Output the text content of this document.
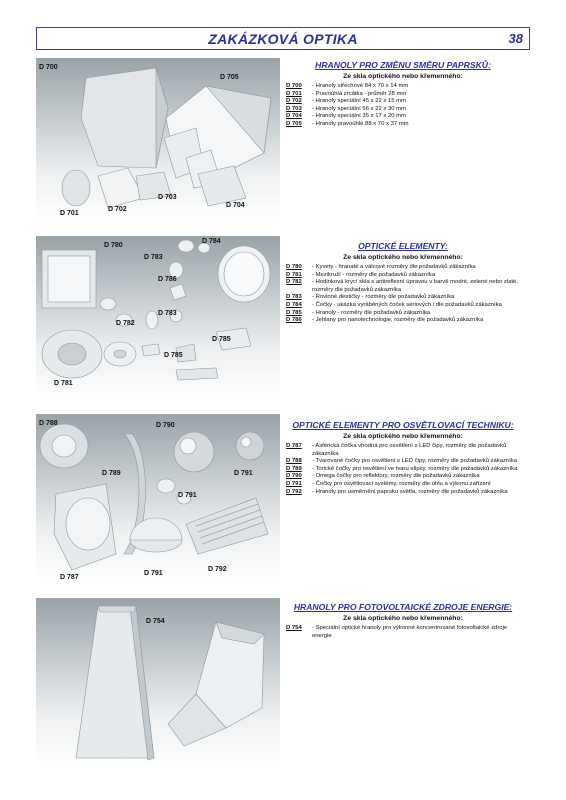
ZAKÁZKOVÁ OPTIKA	38
D 700
D 705
D 703
D 704
D 701
D 702
HRANOLY PRO ZMĚNU SMĚRU PAPRSKŮ:
Ze skla optického nebo křemenného:
D 700	- Hranoly střechové 84 x 70 x 14 mm
D 701	- Pravoúhlá zrcátka - průměr 28 mm
D 702	- Hranoly speciální 45 x 22 x 15 mm
D 703	- Hranoly speciální 56 x 22 x 30 mm
D 704	- Hranoly speciální 35 x 17 x 20 mm
D 705	- Hranoly pravoúhlé 88 x 70 x 37 mm
D 780
D 784
D 783
D 786
D 782
D 783
D 785
D 785
D 781
OPTICKÉ ELEMENTY:
Ze skla optického nebo křemenného:
D 780	- Kyvety - hranaté a válcové rozměry dle požadavků zákazníka
D 781	- Mezikruží - rozměry dle požadavků zákazníka
D 782	- Hodinková krycí skla s antireflexní úpravou v barvě modré, zelené nebo zlaté, rozměry dle požadavků zákazníka
D 783	- Rovinné destičky - rozměry dle požadavků zákazníka
D 784	- Čočky - ukázka vyráběných čoček sériových i dle požadavků zákazníka
D 785	- Hranoly - rozměry dle požadavků zákazníka
D 786	- Jehlany pro nanotechnologie, rozměry dle požadavků zákazníka
D 788	D 790
D 789	D 791
D 791
D 791
D 792
D 787
OPTICKÉ ELEMENTY PRO OSVĚTLOVACÍ TECHNIKU:
Ze skla optického nebo křemenného:
D 787	- Asférická čočka vhodná pro osvětlení s LED čipy, rozměry dle požadavků zákazníka
D 788	- Tvarované čočky pro osvětlení s LED čipy, rozměry dle požadavků zákazníka
D 789	- Torické čočky pro osvětlení ve tvaru elipsy, rozměry dle požadavků zákazníka
D 790	- Omega čočky pro reflektory, rozměry dle požadavků zákazníka
D 791	- Čočky pro osvětlovací systémy, rozměry dle úhlu a výkonu zařízení
D 792	- Hranoly pro usměrnění paprsku světla, rozměry dle požadavků zákazníka
D 754
HRANOLY PRO FOTOVOLTAICKÉ ZDROJE ENERGIE:
Ze skla optického nebo křemenného:
D 754	- Speciální optické hranoly pro výkonné koncentrované fotovoltaické zdroje energie
